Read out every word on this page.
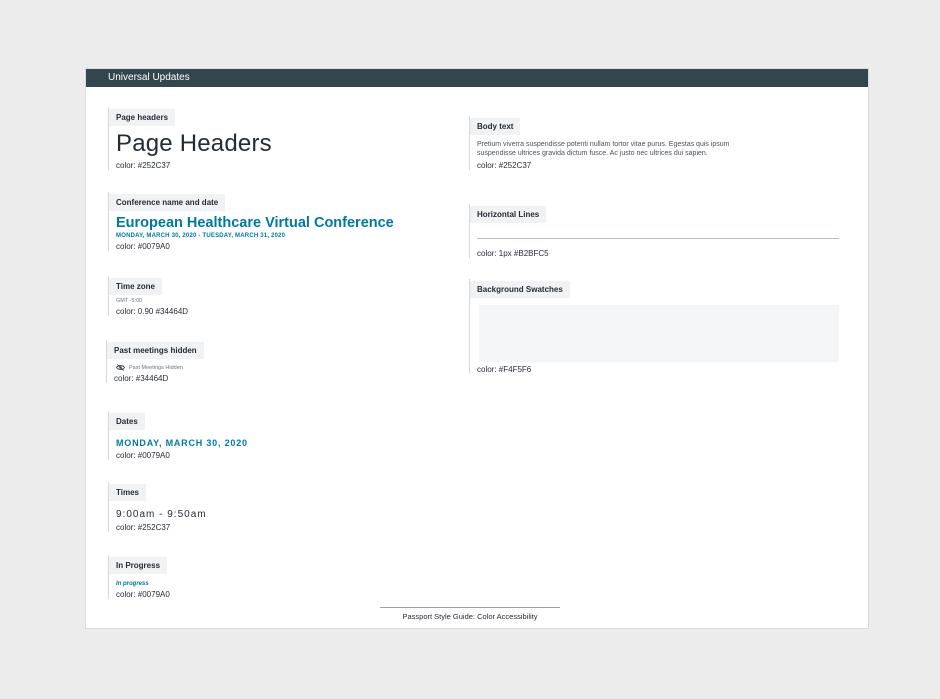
Universal Updates
Page headers
Page Headers
color: #252C37
Conference name and date
European Healthcare Virtual Conference
MONDAY, MARCH 30, 2020 - TUESDAY, MARCH 31, 2020
color: #0079A0
Time zone
GMT -5:00
color: 0.90 #34464D
Past meetings hidden
Past Meetings Hidden
color: #34464D
Dates
MONDAY, MARCH 30, 2020
color: #0079A0
Times
9:00am - 9:50am
color: #252C37
In Progress
In progress
color: #0079A0
Body text
Pretium viverra suspendisse potenti nullam tortor vitae purus. Egestas quis ipsum suspendisse ultrices gravida dictum fusce. Ac justo nec ultrices dui sapien.
color: #252C37
Horizontal Lines
color: 1px #B2BFC5
Background Swatches
color: #F4F5F6
Passport Style Guide: Color Accessibility
